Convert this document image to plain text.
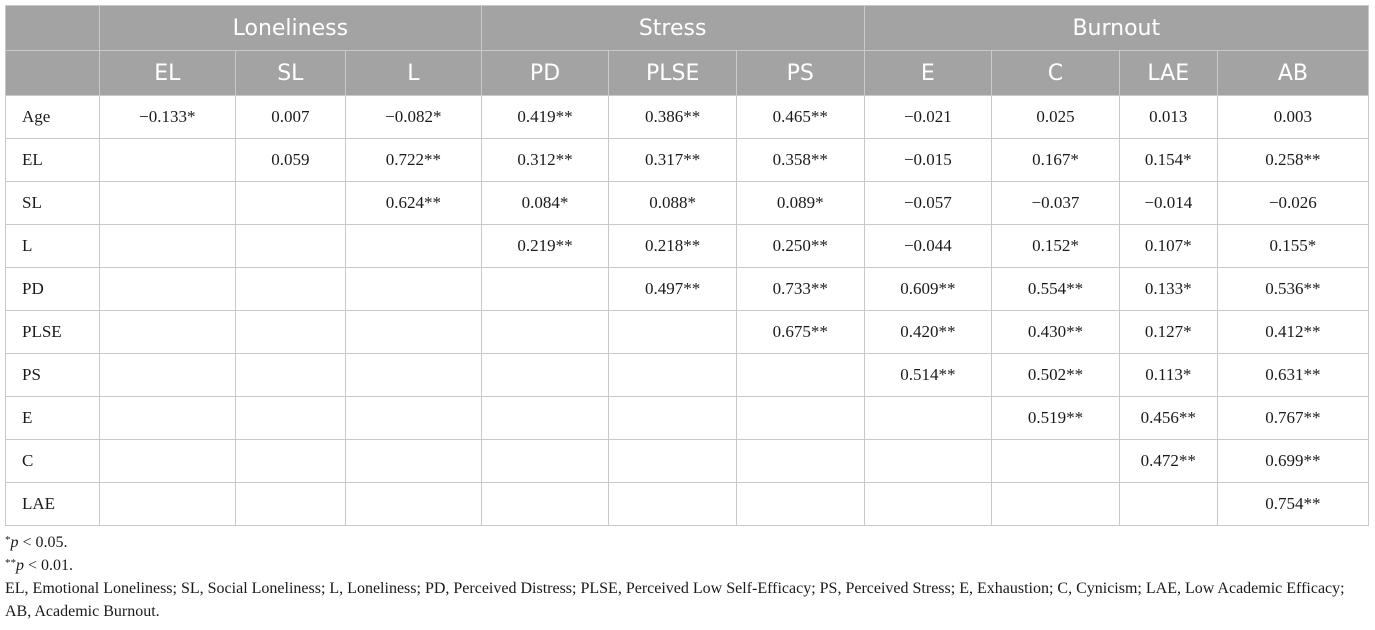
	Loneliness			Stress			Burnout			
	EL	SL	L	PD	PLSE	PS	E	C	LAE	AB
Age	−0.133*	0.007	−0.082*	0.419**	0.386**	0.465**	−0.021	0.025	0.013	0.003
EL		0.059	0.722**	0.312**	0.317**	0.358**	−0.015	0.167*	0.154*	0.258**
SL			0.624**	0.084*	0.088*	0.089*	−0.057	−0.037	−0.014	−0.026
L				0.219**	0.218**	0.250**	−0.044	0.152*	0.107*	0.155*
PD					0.497**	0.733**	0.609**	0.554**	0.133*	0.536**
PLSE						0.675**	0.420**	0.430**	0.127*	0.412**
PS							0.514**	0.502**	0.113*	0.631**
E								0.519**	0.456**	0.767**
C									0.472**	0.699**
LAE										0.754**

*p < 0.05.

**p < 0.01.

EL, Emotional Loneliness; SL, Social Loneliness; L, Loneliness; PD, Perceived Distress; PLSE, Perceived Low Self-Efficacy; PS, Perceived Stress; E, Exhaustion; C, Cynicism; LAE, Low Academic Efficacy; AB, Academic Burnout.
